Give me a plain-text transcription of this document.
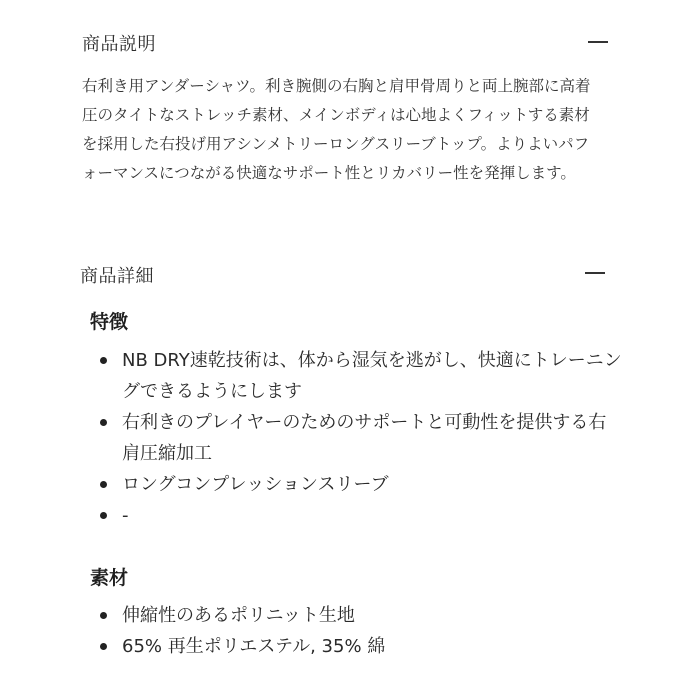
商品説明

右利き用アンダーシャツ。利き腕側の右胸と肩甲骨周りと両上腕部に高着圧のタイトなストレッチ素材、メインボディは心地よくフィットする素材を採用した右投げ用アシンメトリーロングスリーブトップ。よりよいパフォーマンスにつながる快適なサポート性とリカバリー性を発揮します。

商品詳細
特徴
NB DRY速乾技術は、体から湿気を逃がし、快適にトレーニングできるようにします
右利きのプレイヤーのためのサポートと可動性を提供する右肩圧縮加工
ロングコンプレッションスリーブ
-
素材
伸縮性のあるポリニット生地
65% 再生ポリエステル, 35% 綿
